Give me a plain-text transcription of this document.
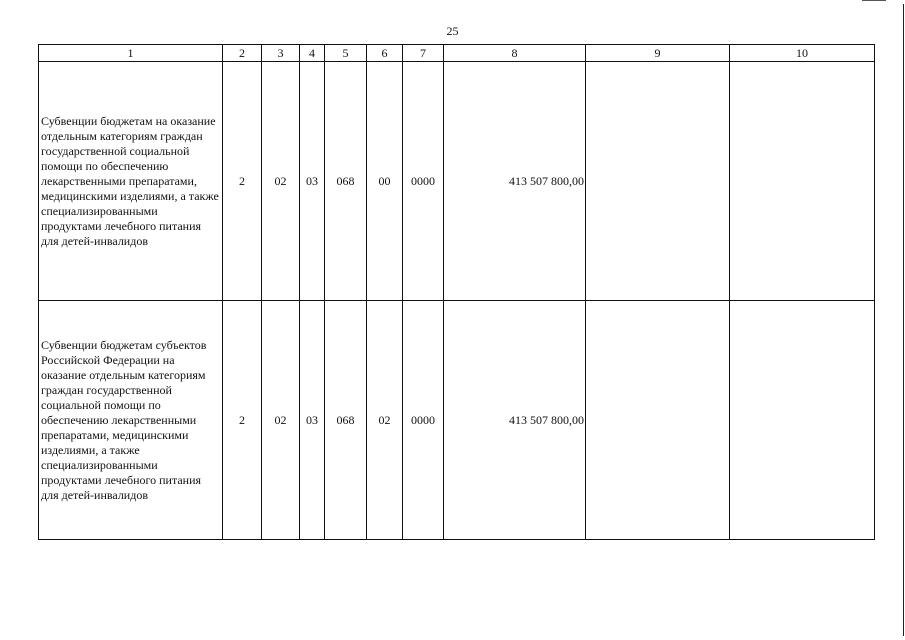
25
1	2	3	4	5	6	7	8	9	10
Субвенции бюджетам на оказание отдельным категориям граждан государственной социальной помощи по обеспечению лекарственными препаратами, медицинскими изделиями, а также специализированными продуктами лечебного питания для детей-инвалидов	2	02	03	068	00	0000	413 507 800,00		
Субвенции бюджетам субъектов Российской Федерации на оказание отдельным категориям граждан государственной социальной помощи по обеспечению лекарственными препаратами, медицинскими изделиями, а также специализированными продуктами лечебного питания для детей-инвалидов	2	02	03	068	02	0000	413 507 800,00		
